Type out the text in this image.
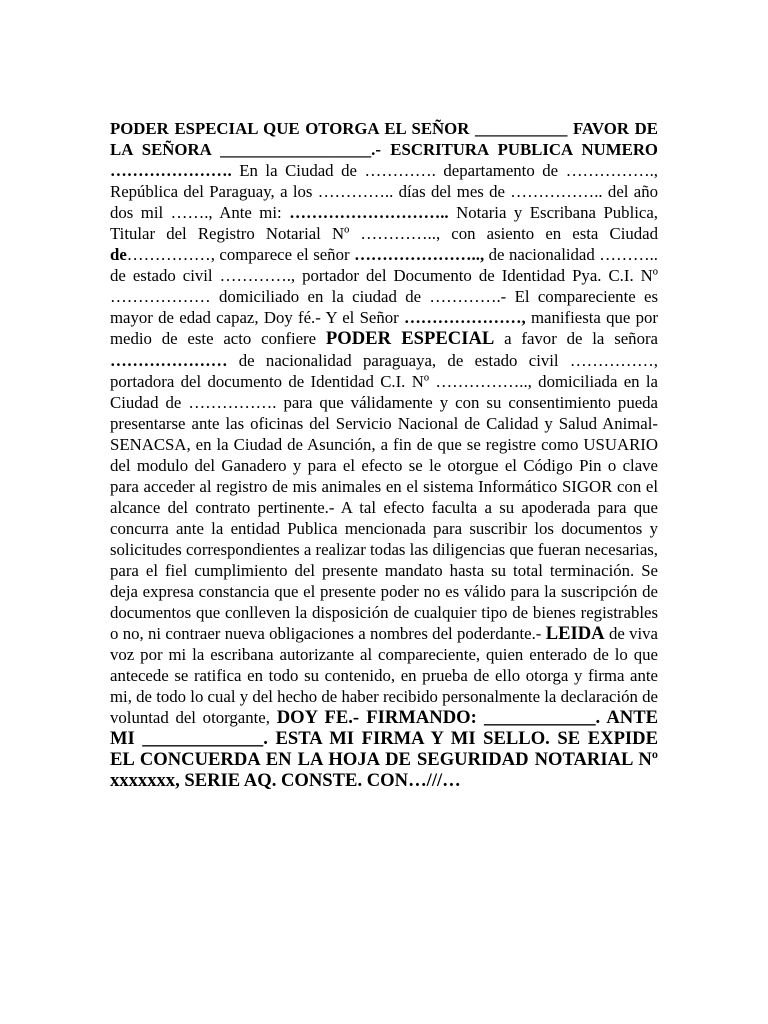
PODER ESPECIAL QUE OTORGA EL SEÑOR ___________ FAVOR DE LA SEÑORA __________________.- ESCRITURA PUBLICA NUMERO …………………. En la Ciudad de …………. departamento de ……………., República del Paraguay, a los ………….. días del mes de …………….. del año dos mil ……., Ante mi: ……………………….. Notaria y Escribana Publica, Titular del Registro Notarial Nº ………….., con asiento en esta Ciudad de……………, comparece el señor ………………….., de nacionalidad ……….. de estado civil …………., portador del Documento de Identidad Pya. C.I. Nº ……………… domiciliado en la ciudad de ………….- El compareciente es mayor de edad capaz, Doy fé.- Y el Señor …………………, manifiesta que por medio de este acto confiere PODER ESPECIAL a favor de la señora ………………… de nacionalidad paraguaya, de estado civil ……………, portadora del documento de Identidad C.I. Nº …………….., domiciliada en la Ciudad de ……………. para que válidamente y con su consentimiento pueda presentarse ante las oficinas del Servicio Nacional de Calidad y Salud Animal- SENACSA, en la Ciudad de Asunción, a fin de que se registre como USUARIO del modulo del Ganadero y para el efecto se le otorgue el Código Pin o clave para acceder al registro de mis animales en el sistema Informático SIGOR con el alcance del contrato pertinente.- A tal efecto faculta a su apoderada para que concurra ante la entidad Publica mencionada para suscribir los documentos y solicitudes correspondientes a realizar todas las diligencias que fueran necesarias, para el fiel cumplimiento del presente mandato hasta su total terminación. Se deja expresa constancia que el presente poder no es válido para la suscripción de documentos que conlleven la disposición de cualquier tipo de bienes registrables o no, ni contraer nueva obligaciones a nombres del poderdante.- LEIDA de viva voz por mi la escribana autorizante al compareciente, quien enterado de lo que antecede se ratifica en todo su contenido, en prueba de ello otorga y firma ante mi, de todo lo cual y del hecho de haber recibido personalmente la declaración de voluntad del otorgante, DOY FE.- FIRMANDO: ____________. ANTE MI _____________. ESTA MI FIRMA Y MI SELLO. SE EXPIDE EL CONCUERDA EN LA HOJA DE SEGURIDAD NOTARIAL Nº xxxxxxx, SERIE AQ. CONSTE. CON…///…
